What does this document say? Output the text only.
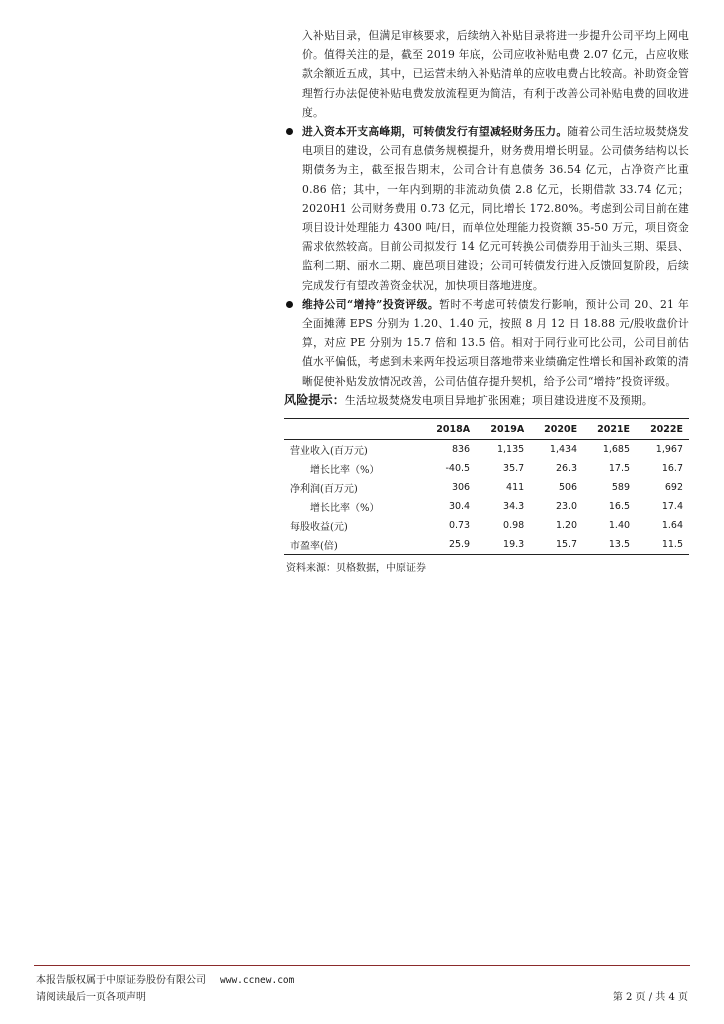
入补贴目录，但满足审核要求，后续纳入补贴目录将进一步提升公司平均上网电价。值得关注的是，截至 2019 年底，公司应收补贴电费 2.07 亿元，占应收账款余额近五成，其中，已运营未纳入补贴清单的应收电费占比较高。补助资金管理暂行办法促使补贴电费发放流程更为简洁，有利于改善公司补贴电费的回收进度。

进入资本开支高峰期，可转债发行有望减轻财务压力。随着公司生活垃圾焚烧发电项目的建设，公司有息债务规模提升，财务费用增长明显。公司债务结构以长期债务为主，截至报告期末，公司合计有息债务 36.54 亿元，占净资产比重 0.86 倍；其中，一年内到期的非流动负债 2.8 亿元，长期借款 33.74 亿元；2020H1 公司财务费用 0.73 亿元，同比增长 172.80%。考虑到公司目前在建项目设计处理能力 4300 吨/日，而单位处理能力投资额 35-50 万元，项目资金需求依然较高。目前公司拟发行 14 亿元可转换公司债券用于汕头三期、渠县、监利二期、丽水二期、鹿邑项目建设；公司可转债发行进入反馈回复阶段，后续完成发行有望改善资金状况，加快项目落地进度。
维持公司“增持”投资评级。暂时不考虑可转债发行影响，预计公司 20、21 年全面摊薄 EPS 分别为 1.20、1.40 元，按照 8 月 12 日 18.88 元/股收盘价计算，对应 PE 分别为 15.7 倍和 13.5 倍。相对于同行业可比公司，公司目前估值水平偏低，考虑到未来两年投运项目落地带来业绩确定性增长和国补政策的清晰促使补贴发放情况改善，公司估值存提升契机，给予公司“增持”投资评级。

风险提示：生活垃圾焚烧发电项目异地扩张困难；项目建设进度不及预期。

	2018A	2019A	2020E	2021E	2022E
营业收入(百万元)	836	1,135	1,434	1,685	1,967
增长比率（%）	-40.5	35.7	26.3	17.5	16.7
净利润(百万元)	306	411	506	589	692
增长比率（%）	30.4	34.3	23.0	16.5	17.4
每股收益(元)	0.73	0.98	1.20	1.40	1.64
市盈率(倍)	25.9	19.3	15.7	13.5	11.5
资料来源：贝格数据，中原证券
本报告版权属于中原证券股份有限公司 www.ccnew.com
请阅读最后一页各项声明	第 2 页 / 共 4 页
